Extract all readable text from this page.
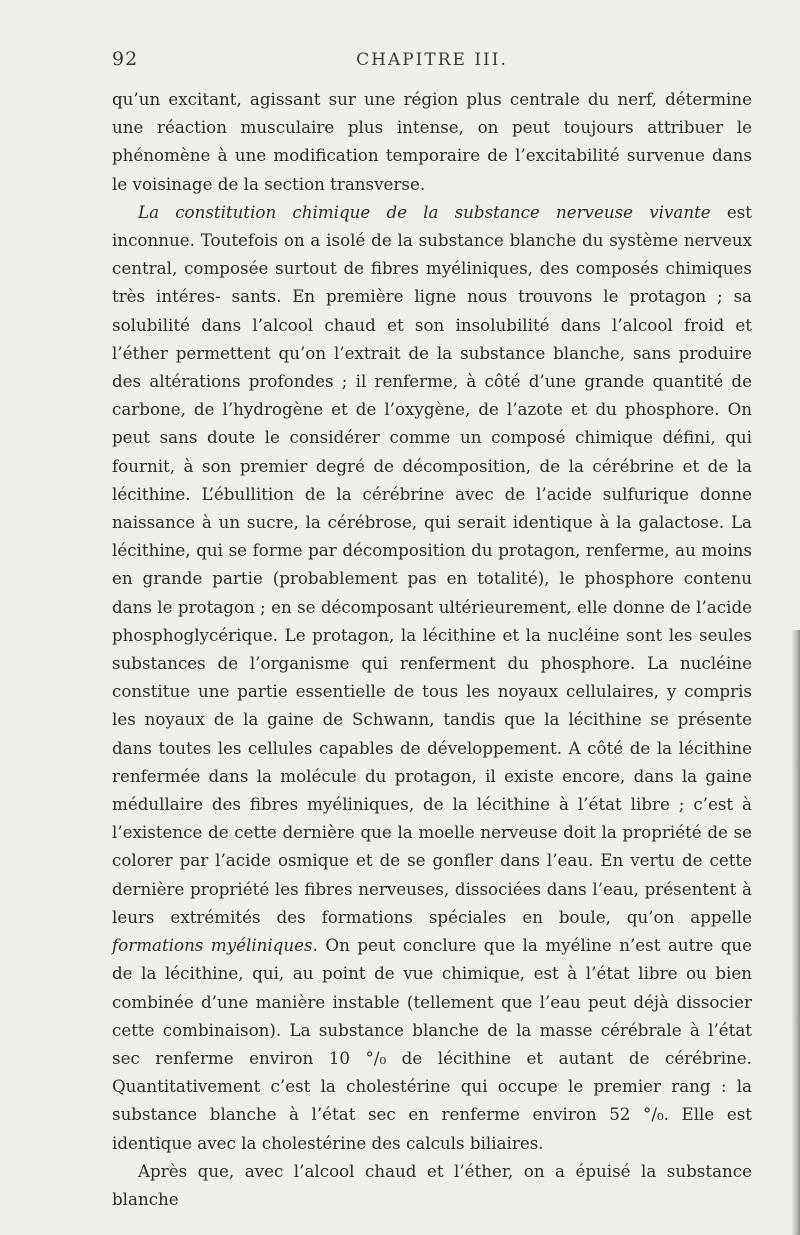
92	CHAPITRE III.

qu’un excitant, agissant sur une région plus centrale du nerf, détermine une réaction musculaire plus intense, on peut toujours attribuer le phénomène à une modification temporaire de l’excitabilité survenue dans le voisinage de la section transverse.

La constitution chimique de la substance nerveuse vivante est inconnue. Toutefois on a isolé de la substance blanche du système nerveux central, composée surtout de fibres myéliniques, des composés chimiques très intéres- sants. En première ligne nous trouvons le protagon ; sa solubilité dans l’alcool chaud et son insolubilité dans l’alcool froid et l’éther permettent qu’on l’extrait de la substance blanche, sans produire des altérations profondes ; il renferme, à côté d’une grande quantité de carbone, de l’hydrogène et de l’oxygène, de l’azote et du phosphore. On peut sans doute le considérer comme un composé chimique défini, qui fournit, à son premier degré de décomposition, de la cérébrine et de la lécithine. L’ébullition de la cérébrine avec de l’acide sulfurique donne naissance à un sucre, la cérébrose, qui serait identique à la galactose. La lécithine, qui se forme par décomposition du protagon, renferme, au moins en grande partie (probablement pas en totalité), le phosphore contenu dans le protagon ; en se décomposant ultérieurement, elle donne de l’acide phosphoglycérique. Le protagon, la lécithine et la nucléine sont les seules substances de l’organisme qui renferment du phosphore. La nucléine constitue une partie essentielle de tous les noyaux cellulaires, y compris les noyaux de la gaine de Schwann, tandis que la lécithine se présente dans toutes les cellules capables de développement. A côté de la lécithine renfermée dans la molécule du protagon, il existe encore, dans la gaine médullaire des fibres myéliniques, de la lécithine à l’état libre ; c’est à l’existence de cette dernière que la moelle nerveuse doit la propriété de se colorer par l’acide osmique et de se gonfler dans l’eau. En vertu de cette dernière propriété les fibres nerveuses, dissociées dans l’eau, présentent à leurs extrémités des formations spéciales en boule, qu’on appelle formations myéliniques. On peut conclure que la myéline n’est autre que de la lécithine, qui, au point de vue chimique, est à l’état libre ou bien combinée d’une manière instable (tellement que l’eau peut déjà dissocier cette combinaison). La substance blanche de la masse cérébrale à l’état sec renferme environ 10 °/₀ de lécithine et autant de cérébrine. Quantitativement c’est la cholestérine qui occupe le premier rang : la substance blanche à l’état sec en renferme environ 52 °/₀. Elle est identique avec la cholestérine des calculs biliaires.

Après que, avec l’alcool chaud et l’éther, on a épuisé la substance blanche
